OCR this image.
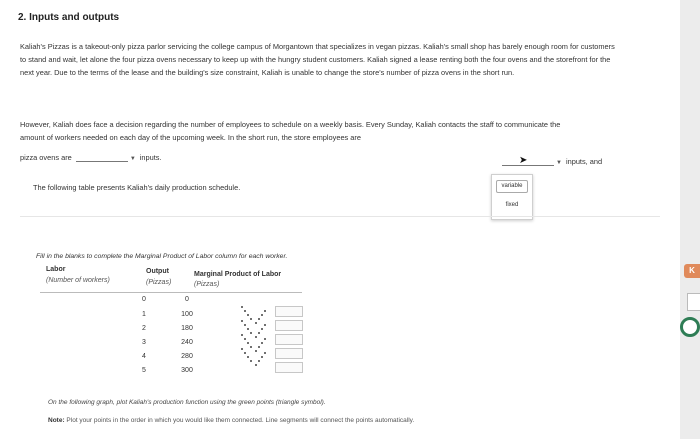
2. Inputs and outputs
Kaliah's Pizzas is a takeout-only pizza parlor servicing the college campus of Morgantown that specializes in vegan pizzas. Kaliah's small shop has barely enough room for customers to stand and wait, let alone the four pizza ovens necessary to keep up with the hungry student customers. Kaliah signed a lease renting both the four ovens and the storefront for the next year. Due to the terms of the lease and the building's size constraint, Kaliah is unable to change the store's number of pizza ovens in the short run.
However, Kaliah does face a decision regarding the number of employees to schedule on a weekly basis. Every Sunday, Kaliah contacts the staff to communicate the amount of workers needed on each day of the upcoming week. In the short run, the store employees are
▼ inputs, and
pizza ovens are	▼ inputs.	➤
variable
fixed
The following table presents Kaliah's daily production schedule.
Fill in the blanks to complete the Marginal Product of Labor column for each worker.
Labor
(Number of workers)
Output
(Pizzas)
Marginal Product of Labor
(Pizzas)
0	0
1	100
2	180
3	240
4	280
5	300
On the following graph, plot Kaliah's production function using the green points (triangle symbol).
Note: Plot your points in the order in which you would like them connected. Line segments will connect the points automatically.
K
